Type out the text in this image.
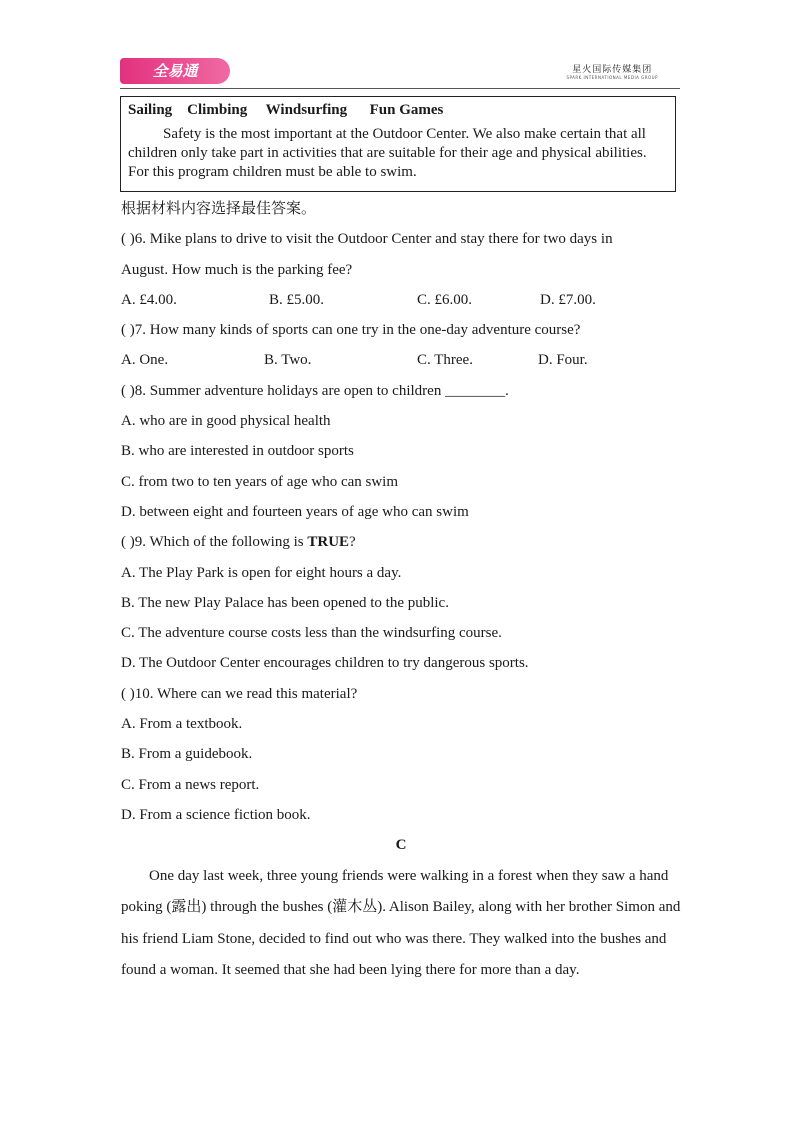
全易通	星火国际传媒集团
SPARK INTERNATIONAL MEDIA GROUP
Sailing    Climbing     Windsurfing      Fun Games
Safety is the most important at the Outdoor Center. We also make certain that all children only take part in activities that are suitable for their age and physical abilities. For this program children must be able to swim.
根据材料内容选择最佳答案。
( )6. Mike plans to drive to visit the Outdoor Center and stay there for two days in
August. How much is the parking fee?
A. £4.00.	B. £5.00.	C. £6.00.	D. £7.00.
( )7. How many kinds of sports can one try in the one-day adventure course?
A. One.	B. Two.	C. Three.	D. Four.
( )8. Summer adventure holidays are open to children ________.
A. who are in good physical health
B. who are interested in outdoor sports
C. from two to ten years of age who can swim
D. between eight and fourteen years of age who can swim
( )9. Which of the following is TRUE?
A. The Play Park is open for eight hours a day.
B. The new Play Palace has been opened to the public.
C. The adventure course costs less than the windsurfing course.
D. The Outdoor Center encourages children to try dangerous sports.
( )10. Where can we read this material?
A. From a textbook.
B. From a guidebook.
C. From a news report.
D. From a science fiction book.
C
One day last week, three young friends were walking in a forest when they saw a hand poking (露出) through the bushes (灌木丛). Alison Bailey, along with her brother Simon and his friend Liam Stone, decided to find out who was there. They walked into the bushes and found a woman. It seemed that she had been lying there for more than a day.
